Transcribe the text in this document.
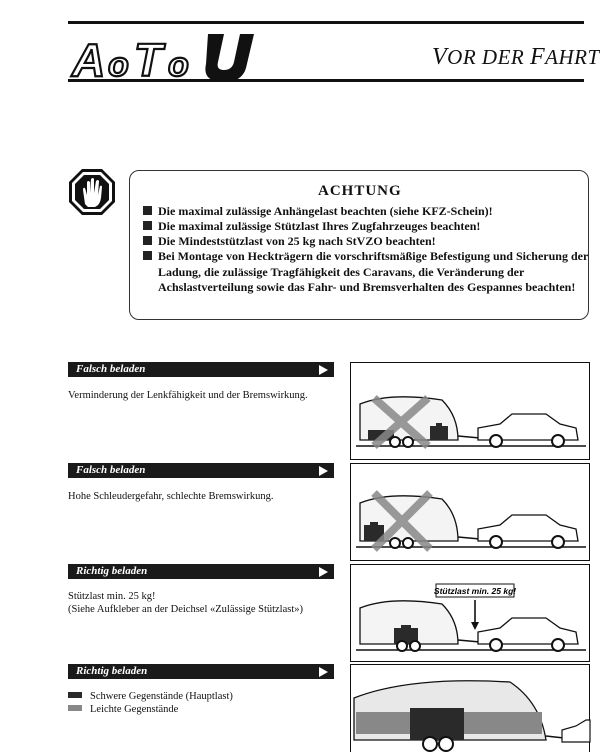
A o T o	VOR DER FAHRT
ACHTUNG
Die maximal zulässige Anhängelast beachten (siehe KFZ-Schein)!
Die maximal zulässige Stützlast Ihres Zugfahrzeuges beachten!
Die Mindeststützlast von 25 kg nach StVZO beachten!
Bei Montage von Heckträgern die vorschriftsmäßige Befestigung und Sicherung der Ladung, die zulässige Tragfähigkeit des Caravans, die Veränderung der Achslastverteilung sowie das Fahr- und Bremsverhalten des Gespannes beachten!
Falsch beladen
Verminderung der Lenkfähigkeit und der Bremswirkung.
Falsch beladen
Hohe Schleudergefahr, schlechte Bremswirkung.
Richtig beladen
Stützlast min. 25 kg!
(Siehe Aufkleber an der Deichsel «Zulässige Stützlast»)
Stützlast min. 25 kg!
Richtig beladen
Schwere Gegenstände (Hauptlast)
Leichte Gegenstände
